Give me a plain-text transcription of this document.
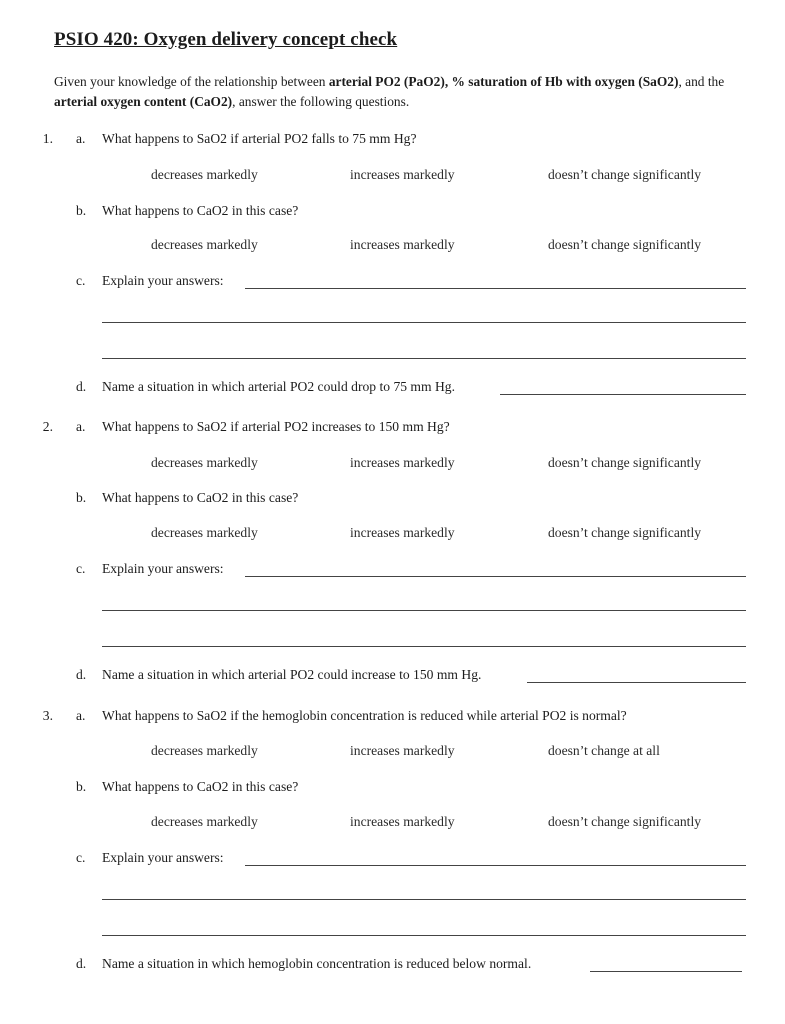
PSIO 420: Oxygen delivery concept check
Given your knowledge of the relationship between arterial PO2 (PaO2), % saturation of Hb with oxygen (SaO2), and the arterial oxygen content (CaO2), answer the following questions.
1. a. What happens to SaO2 if arterial PO2 falls to 75 mm Hg?
decreases markedly	increases markedly	doesn’t change significantly
b. What happens to CaO2 in this case?
decreases markedly	increases markedly	doesn’t change significantly
c. Explain your answers:
d. Name a situation in which arterial PO2 could drop to 75 mm Hg.
2. a. What happens to SaO2 if arterial PO2 increases to 150 mm Hg?
decreases markedly	increases markedly	doesn’t change significantly
b. What happens to CaO2 in this case?
decreases markedly	increases markedly	doesn’t change significantly
c. Explain your answers:
d. Name a situation in which arterial PO2 could increase to 150 mm Hg.
3. a. What happens to SaO2 if the hemoglobin concentration is reduced while arterial PO2 is normal?
decreases markedly	increases markedly	doesn’t change at all
b. What happens to CaO2 in this case?
decreases markedly	increases markedly	doesn’t change significantly
c. Explain your answers:
d. Name a situation in which hemoglobin concentration is reduced below normal.
